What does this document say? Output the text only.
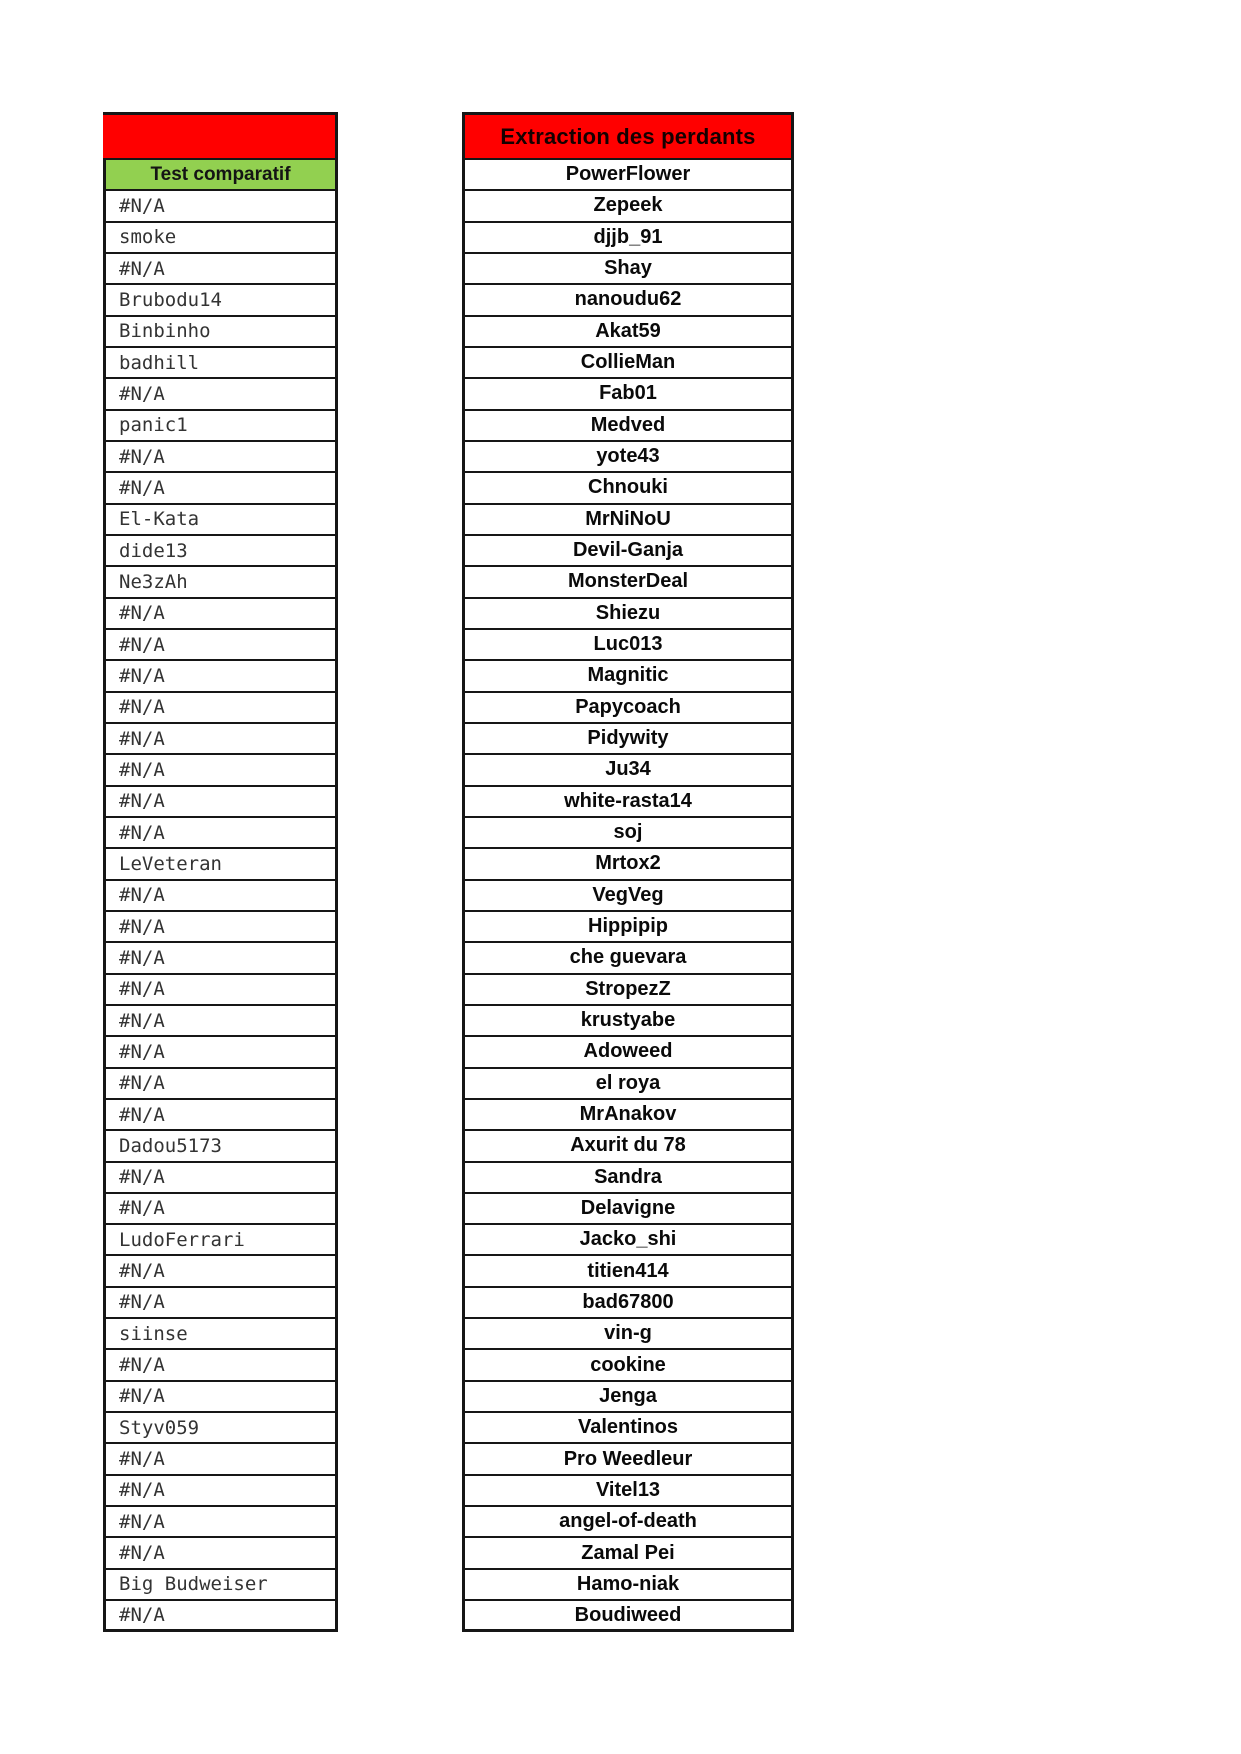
Test comparatif
#N/A
smoke
#N/A
Brubodu14
Binbinho
badhill
#N/A
panic1
#N/A
#N/A
El-Kata
dide13
Ne3zAh
#N/A
#N/A
#N/A
#N/A
#N/A
#N/A
#N/A
#N/A
LeVeteran
#N/A
#N/A
#N/A
#N/A
#N/A
#N/A
#N/A
#N/A
Dadou5173
#N/A
#N/A
LudoFerrari
#N/A
#N/A
siinse
#N/A
#N/A
Styv059
#N/A
#N/A
#N/A
#N/A
Big Budweiser
#N/A
Extraction des perdants
PowerFlower
Zepeek
djjb_91
Shay
nanoudu62
Akat59
CollieMan
Fab01
Medved
yote43
Chnouki
MrNiNoU
Devil-Ganja
MonsterDeal
Shiezu
Luc013
Magnitic
Papycoach
Pidywity
Ju34
white-rasta14
soj
Mrtox2
VegVeg
Hippipip
che guevara
StropezZ
krustyabe
Adoweed
el roya
MrAnakov
Axurit du 78
Sandra
Delavigne
Jacko_shi
titien414
bad67800
vin-g
cookine
Jenga
Valentinos
Pro Weedleur
Vitel13
angel-of-death
Zamal Pei
Hamo-niak
Boudiweed
